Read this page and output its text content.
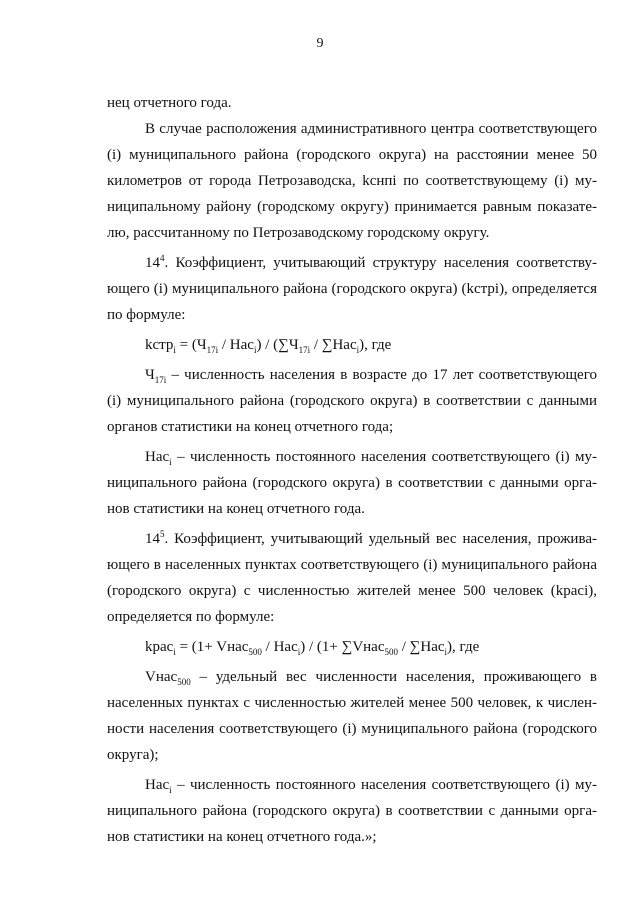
9

нец отчетного года.

В случае расположения административного центра соответствующего (i) муниципального района (городского округа) на расстоянии менее 50 километров от города Петрозаводска, kcнпi по соответствующему (i) муниципальному району (городскому округу) принимается равным показателю, рассчитанному по Петрозаводскому городскому округу.

$14^4$. Коэффициент, учитывающий структуру населения соответствующего (i) муниципального района (городского округа) (kстрi), определяется по формуле:

kстр$_i$ = $(Ч_{17i} / Нас_i) / (\sum Ч_{17i} / \sum Нас_i)$, где

$Ч_{17i}$ – численность населения в возрасте до 17 лет соответствующего (i) муниципального района (городского округа) в соответствии с данными органов статистики на конец отчетного года;

Нас$_i$ – численность постоянного населения соответствующего (i) муниципального района (городского округа) в соответствии с данными органов статистики на конец отчетного года.

$14^5$. Коэффициент, учитывающий удельный вес населения, проживающего в населенных пунктах соответствующего (i) муниципального района (городского округа) с численностью жителей менее 500 человек (kрасi), определяется по формуле:

kрас$_i$ = (1+ Vнас$_{500}$ / Нас$_i$) / (1+ ∑Vнас$_{500}$ / ∑Нас$_i$), где

Vнас$_{500}$ – удельный вес численности населения, проживающего в населенных пунктах с численностью жителей менее 500 человек, к численности населения соответствующего (i) муниципального района (городского округа);

Нас$_i$ – численность постоянного населения соответствующего (i) муниципального района (городского округа) в соответствии с данными органов статистики на конец отчетного года.»;
